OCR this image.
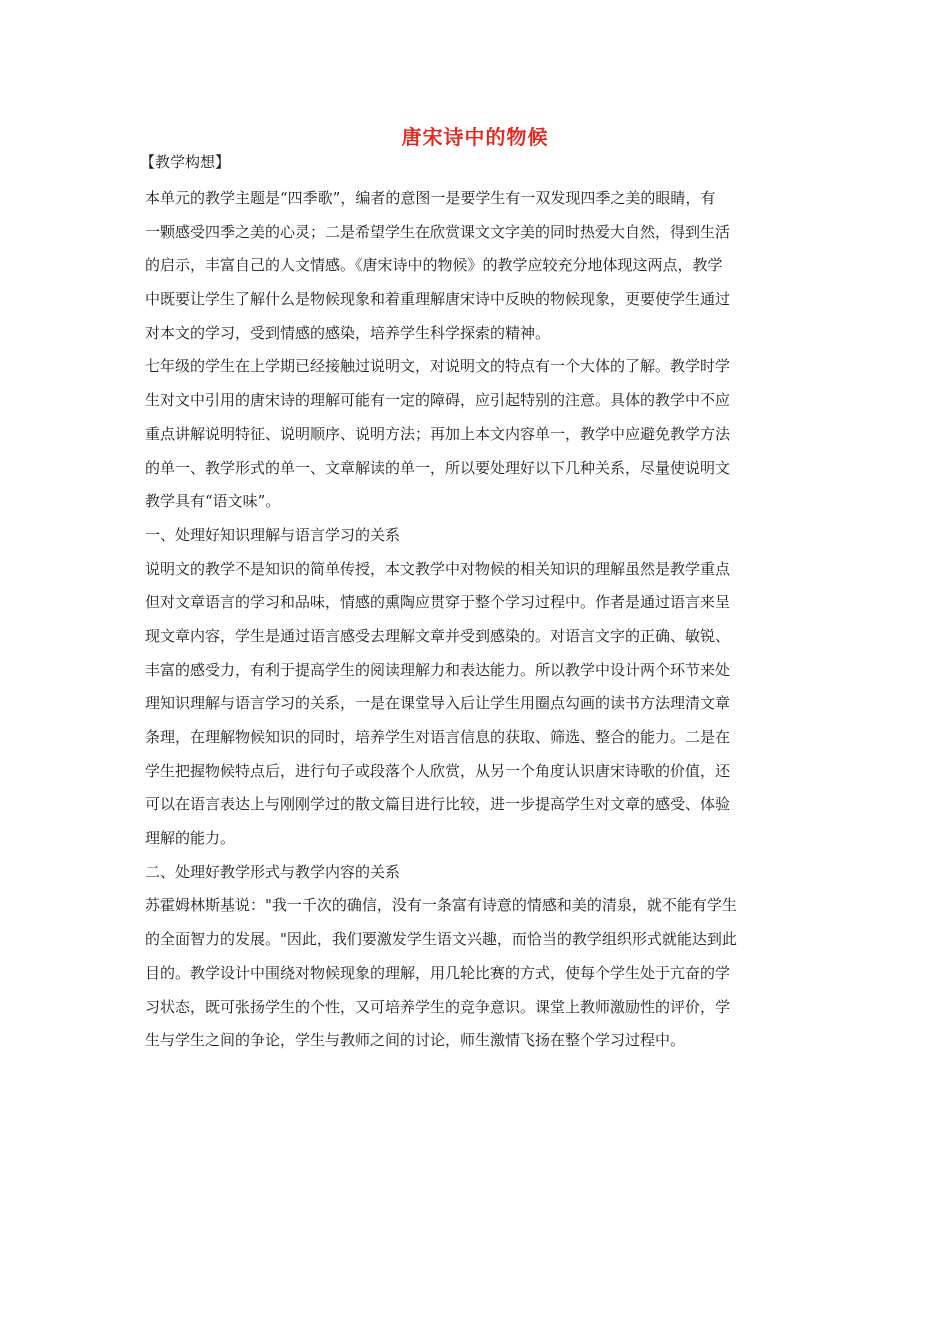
唐宋诗中的物候
【教学构想】

本单元的教学主题是“四季歌”，编者的意图一是要学生有一双发现四季之美的眼睛，有
一颗感受四季之美的心灵；二是希望学生在欣赏课文文字美的同时热爱大自然，得到生活
的启示，丰富自己的人文情感。《唐宋诗中的物候》的教学应较充分地体现这两点，教学
中既要让学生了解什么是物候现象和着重理解唐宋诗中反映的物候现象，更要使学生通过
对本文的学习，受到情感的感染，培养学生科学探索的精神。

七年级的学生在上学期已经接触过说明文，对说明文的特点有一个大体的了解。教学时学
生对文中引用的唐宋诗的理解可能有一定的障碍，应引起特别的注意。具体的教学中不应
重点讲解说明特征、说明顺序、说明方法；再加上本文内容单一，教学中应避免教学方法
的单一、教学形式的单一、文章解读的单一，所以要处理好以下几种关系，尽量使说明文
教学具有“语文味”。

一、处理好知识理解与语言学习的关系

说明文的教学不是知识的简单传授，本文教学中对物候的相关知识的理解虽然是教学重点
但对文章语言的学习和品味，情感的熏陶应贯穿于整个学习过程中。作者是通过语言来呈
现文章内容，学生是通过语言感受去理解文章并受到感染的。对语言文字的正确、敏锐、
丰富的感受力，有利于提高学生的阅读理解力和表达能力。所以教学中设计两个环节来处
理知识理解与语言学习的关系，一是在课堂导入后让学生用圈点勾画的读书方法理清文章
条理，在理解物候知识的同时，培养学生对语言信息的获取、筛选、整合的能力。二是在
学生把握物候特点后，进行句子或段落个人欣赏，从另一个角度认识唐宋诗歌的价值，还
可以在语言表达上与刚刚学过的散文篇目进行比较，进一步提高学生对文章的感受、体验
理解的能力。

二、处理好教学形式与教学内容的关系

苏霍姆林斯基说："我一千次的确信，没有一条富有诗意的情感和美的清泉，就不能有学生
的全面智力的发展。"因此，我们要激发学生语文兴趣，而恰当的教学组织形式就能达到此
目的。教学设计中围绕对物候现象的理解，用几轮比赛的方式，使每个学生处于亢奋的学
习状态，既可张扬学生的个性，又可培养学生的竞争意识。课堂上教师激励性的评价，学
生与学生之间的争论，学生与教师之间的讨论，师生激情飞扬在整个学习过程中。
